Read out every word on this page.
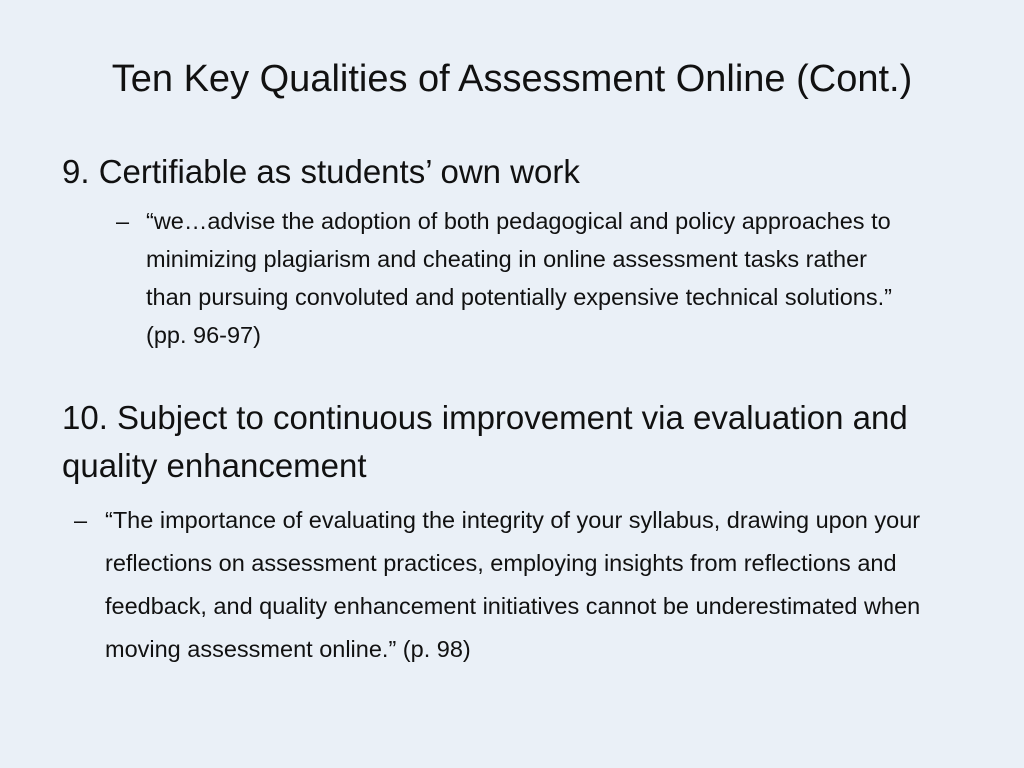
Ten Key Qualities of Assessment Online (Cont.)
9. Certifiable as students’ own work
– “we…advise the adoption of both pedagogical and policy approaches to minimizing plagiarism and cheating in online assessment tasks rather than pursuing convoluted and potentially expensive technical solutions.” (pp. 96-97)
10. Subject to continuous improvement via evaluation and quality enhancement
– “The importance of evaluating the integrity of your syllabus, drawing upon your reflections on assessment practices, employing insights from reflections and feedback, and quality enhancement initiatives cannot be underestimated when moving assessment online.” (p. 98)
